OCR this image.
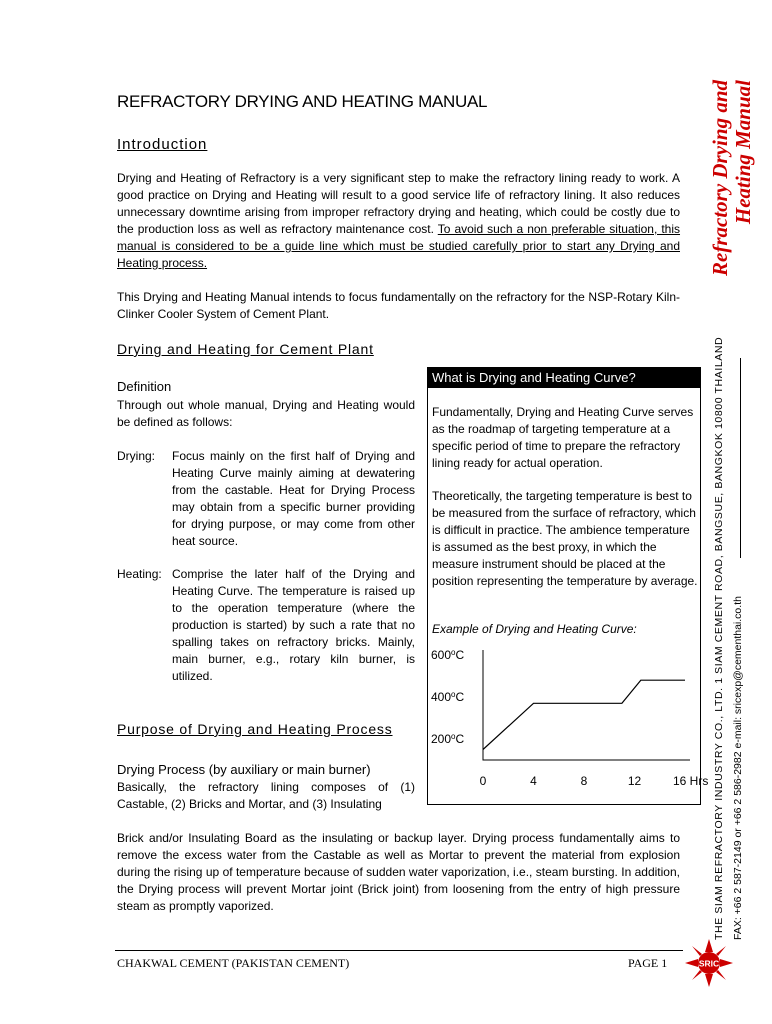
REFRACTORY DRYING AND HEATING MANUAL
Introduction
Drying and Heating of Refractory is a very significant step to make the refractory lining ready to work. A good practice on Drying and Heating will result to a good service life of refractory lining. It also reduces unnecessary downtime arising from improper refractory drying and heating, which could be costly due to the production loss as well as refractory maintenance cost. To avoid such a non preferable situation, this manual is considered to be a guide line which must be studied carefully prior to start any Drying and Heating process.
This Drying and Heating Manual intends to focus fundamentally on the refractory for the NSP-Rotary Kiln-Clinker Cooler System of Cement Plant.
Drying and Heating for Cement Plant
Definition
Through out whole manual, Drying and Heating would be defined as follows:
Drying: Focus mainly on the first half of Drying and Heating Curve mainly aiming at dewatering from the castable. Heat for Drying Process may obtain from a specific burner providing for drying purpose, or may come from other heat source.
Heating: Comprise the later half of the Drying and Heating Curve. The temperature is raised up to the operation temperature (where the production is started) by such a rate that no spalling takes on refractory bricks. Mainly, main burner, e.g., rotary kiln burner, is utilized.
Purpose of Drying and Heating Process
Drying Process (by auxiliary or main burner)
Basically, the refractory lining composes of (1) Castable, (2) Bricks and Mortar, and (3) Insulating
Brick and/or Insulating Board as the insulating or backup layer. Drying process fundamentally aims to remove the excess water from the Castable as well as Mortar to prevent the material from explosion during the rising up of temperature because of sudden water vaporization, i.e., steam bursting. In addition, the Drying process will prevent Mortar joint (Brick joint) from loosening from the entry of high pressure steam as promptly vaporized.
What is Drying and Heating Curve?
Fundamentally, Drying and Heating Curve serves as the roadmap of targeting temperature at a specific period of time to prepare the refractory lining ready for actual operation.
Theoretically, the targeting temperature is best to be measured from the surface of refractory, which is difficult in practice. The ambience temperature is assumed as the best proxy, in which the measure instrument should be placed at the position representing the temperature by average.
Example of Drying and Heating Curve:
600$^o$C
400$^o$C
200$^o$C
0	4	8	12	16 Hrs
Refractory Drying and Heating Manual
THE SIAM REFRACTORY INDUSTRY CO., LTD. 1 SIAM CEMENT ROAD, BANGSUE, BANGKOK 10800 THAILAND FAX: +66 2 587-2149 or +66 2 586-2982 e-mail: sricexp@cementhai.co.th
CHAKWAL CEMENT (PAKISTAN CEMENT)	PAGE 1	SRIC
